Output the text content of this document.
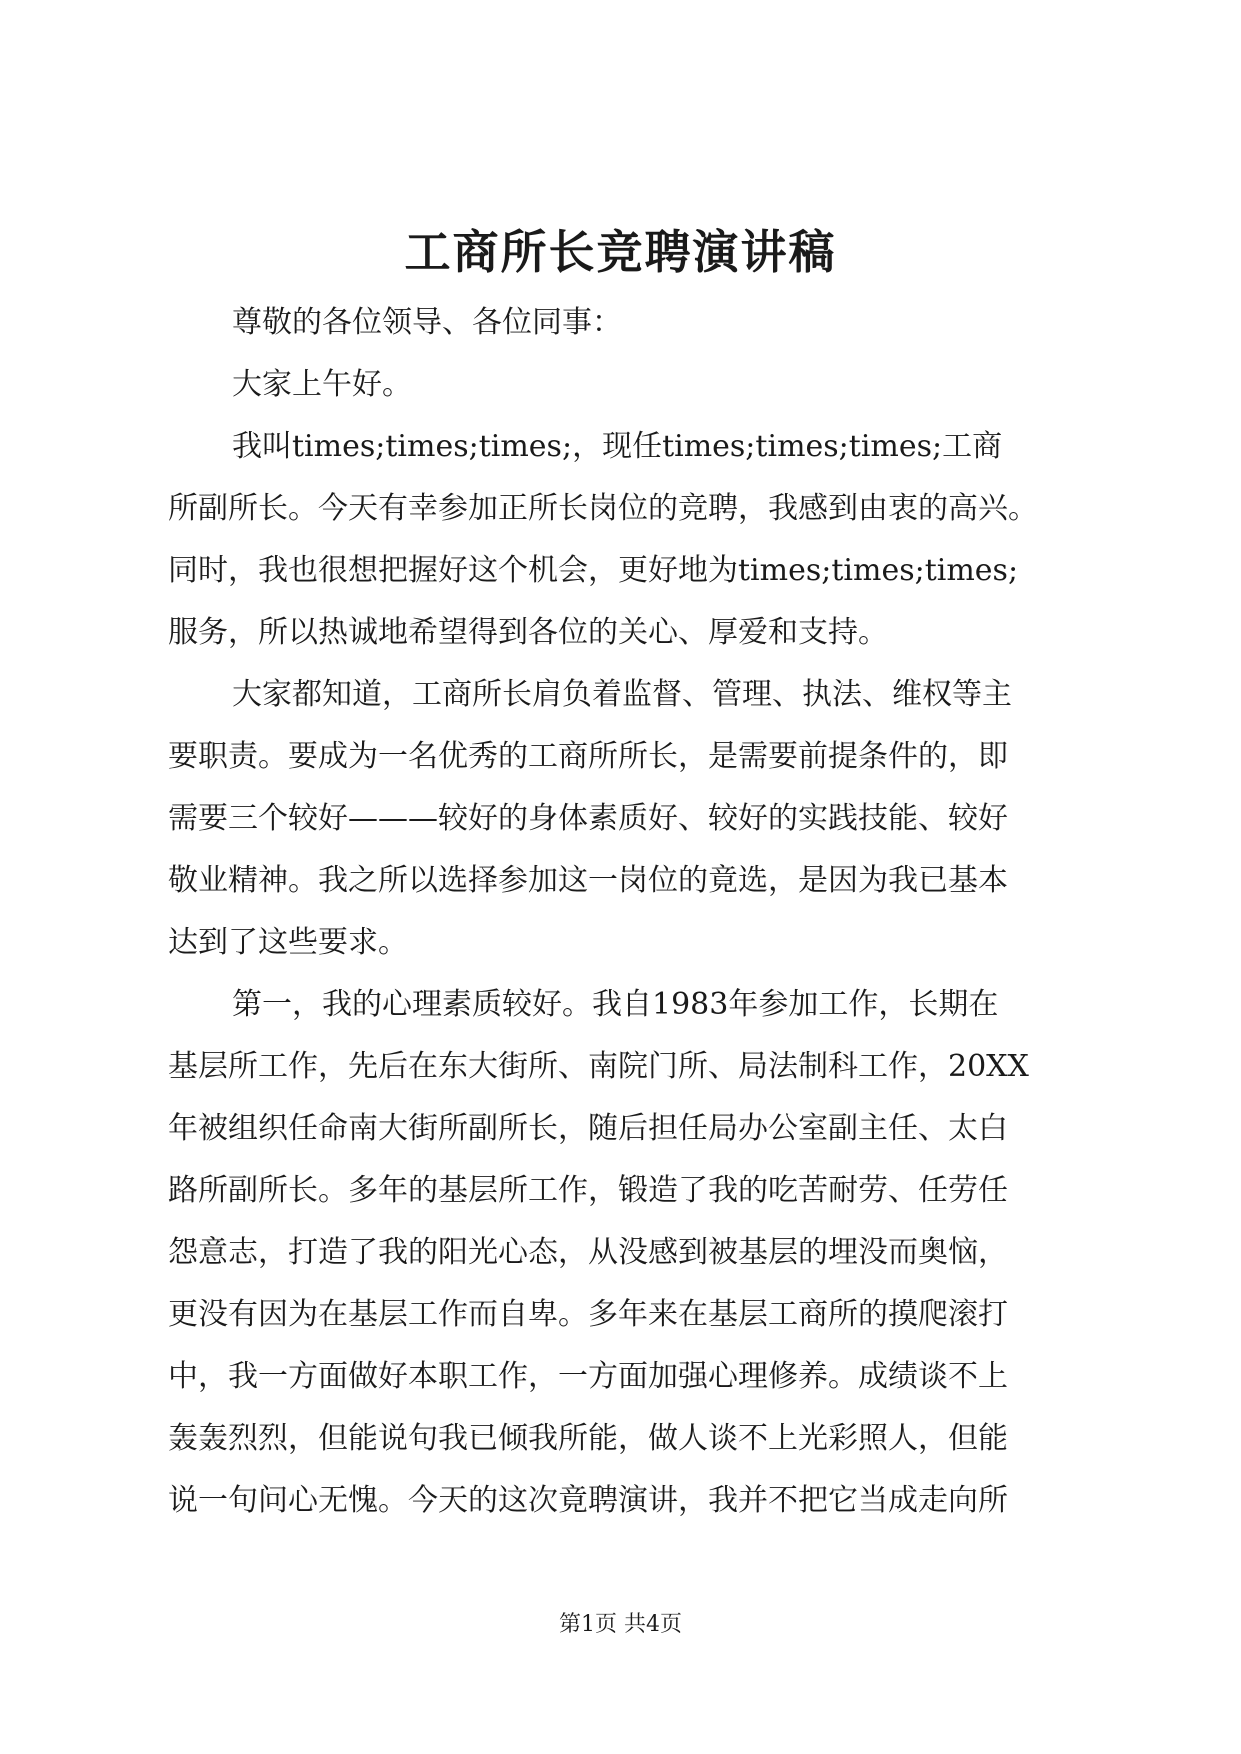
工商所长竞聘演讲稿
尊敬的各位领导、各位同事：
大家上午好。
我叫times;times;times;，现任times;times;times;工商
所副所长。今天有幸参加正所长岗位的竞聘，我感到由衷的高兴。
同时，我也很想把握好这个机会，更好地为times;times;times;
服务，所以热诚地希望得到各位的关心、厚爱和支持。
大家都知道，工商所长肩负着监督、管理、执法、维权等主
要职责。要成为一名优秀的工商所所长，是需要前提条件的，即
需要三个较好———较好的身体素质好、较好的实践技能、较好
敬业精神。我之所以选择参加这一岗位的竟选，是因为我已基本
达到了这些要求。
第一，我的心理素质较好。我自1983年参加工作，长期在
基层所工作，先后在东大街所、南院门所、局法制科工作，20XX
年被组织任命南大街所副所长，随后担任局办公室副主任、太白
路所副所长。多年的基层所工作，锻造了我的吃苦耐劳、任劳任
怨意志，打造了我的阳光心态，从没感到被基层的埋没而奥恼，
更没有因为在基层工作而自卑。多年来在基层工商所的摸爬滚打
中，我一方面做好本职工作，一方面加强心理修养。成绩谈不上
轰轰烈烈，但能说句我已倾我所能，做人谈不上光彩照人，但能
说一句问心无愧。今天的这次竟聘演讲，我并不把它当成走向所
第1页 共4页
